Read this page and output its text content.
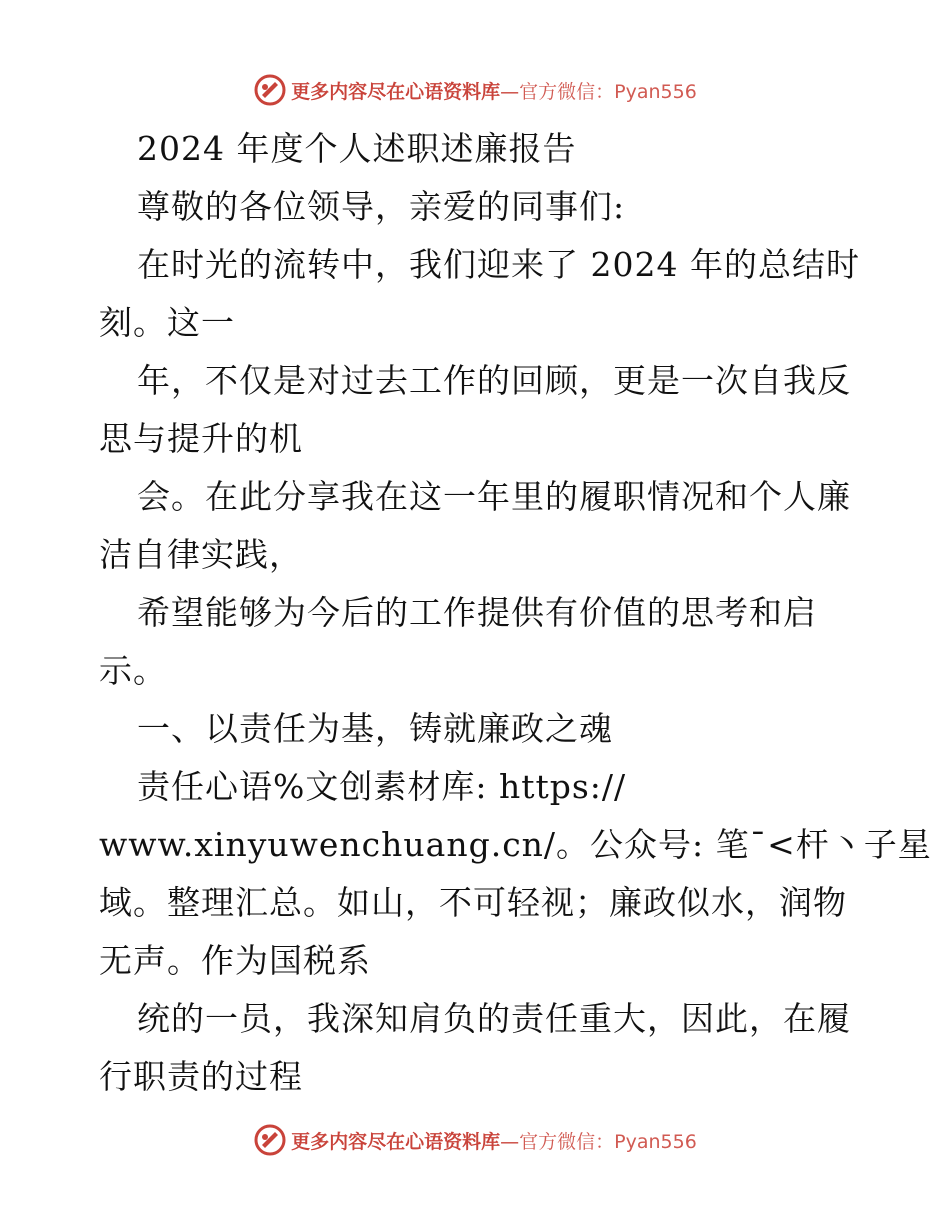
更多内容尽在心语资料库—官方微信：Pyan556
2024 年度个人述职述廉报告
尊敬的各位领导，亲爱的同事们:
在时光的流转中，我们迎来了 2024 年的总结时
刻。这一
年，不仅是对过去工作的回顾，更是一次自我反
思与提升的机
会。在此分享我在这一年里的履职情况和个人廉
洁自律实践，
希望能够为今后的工作提供有价值的思考和启
示。
一、以责任为基，铸就廉政之魂
责任心语%文创素材库: https://
www.xinyuwenchuang.cn/。公众号: 笔¯<杆丶子星
域。整理汇总。如山，不可轻视；廉政似水，润物
无声。作为国税系
统的一员，我深知肩负的责任重大，因此，在履
行职责的过程
更多内容尽在心语资料库—官方微信：Pyan556
